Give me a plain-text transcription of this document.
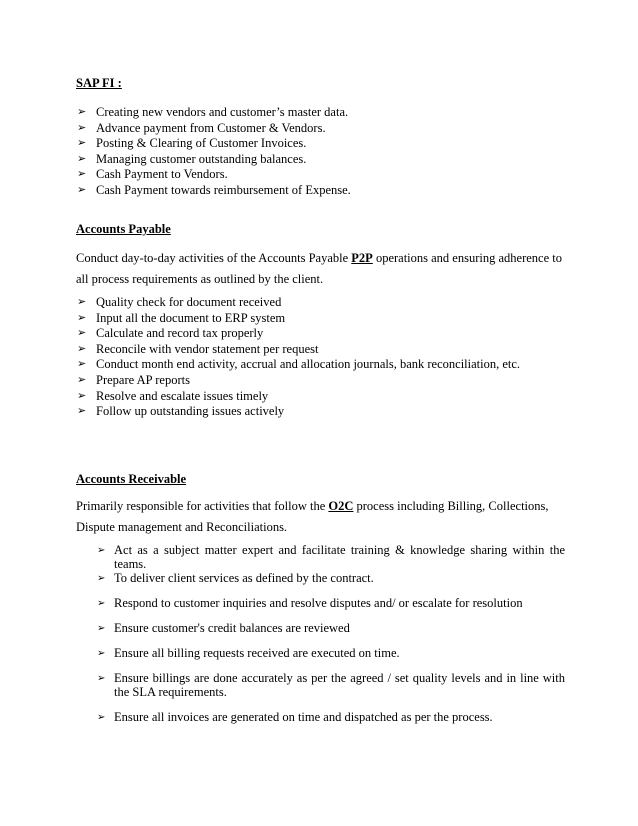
SAP FI :
➢ Creating new vendors and customer’s master data.
➢ Advance payment from Customer & Vendors.
➢ Posting & Clearing of Customer Invoices.
➢ Managing customer outstanding balances.
➢ Cash Payment to Vendors.
➢ Cash Payment towards reimbursement of Expense.
Accounts Payable
Conduct day-to-day activities of the Accounts Payable P2P operations and ensuring adherence to all process requirements as outlined by the client.
➢ Quality check for document received
➢ Input all the document to ERP system
➢ Calculate and record tax properly
➢ Reconcile with vendor statement per request
➢ Conduct month end activity, accrual and allocation journals, bank reconciliation, etc.
➢ Prepare AP reports
➢ Resolve and escalate issues timely
➢ Follow up outstanding issues actively
Accounts Receivable
Primarily responsible for activities that follow the O2C process including Billing, Collections, Dispute management and Reconciliations.
➢ Act as a subject matter expert and facilitate training & knowledge sharing within the teams.
➢ To deliver client services as defined by the contract.
➢ Respond to customer inquiries and resolve disputes and/ or escalate for resolution
➢ Ensure customer's credit balances are reviewed
➢ Ensure all billing requests received are executed on time.
➢ Ensure billings are done accurately as per the agreed / set quality levels and in line with the SLA requirements.
➢ Ensure all invoices are generated on time and dispatched as per the process.
